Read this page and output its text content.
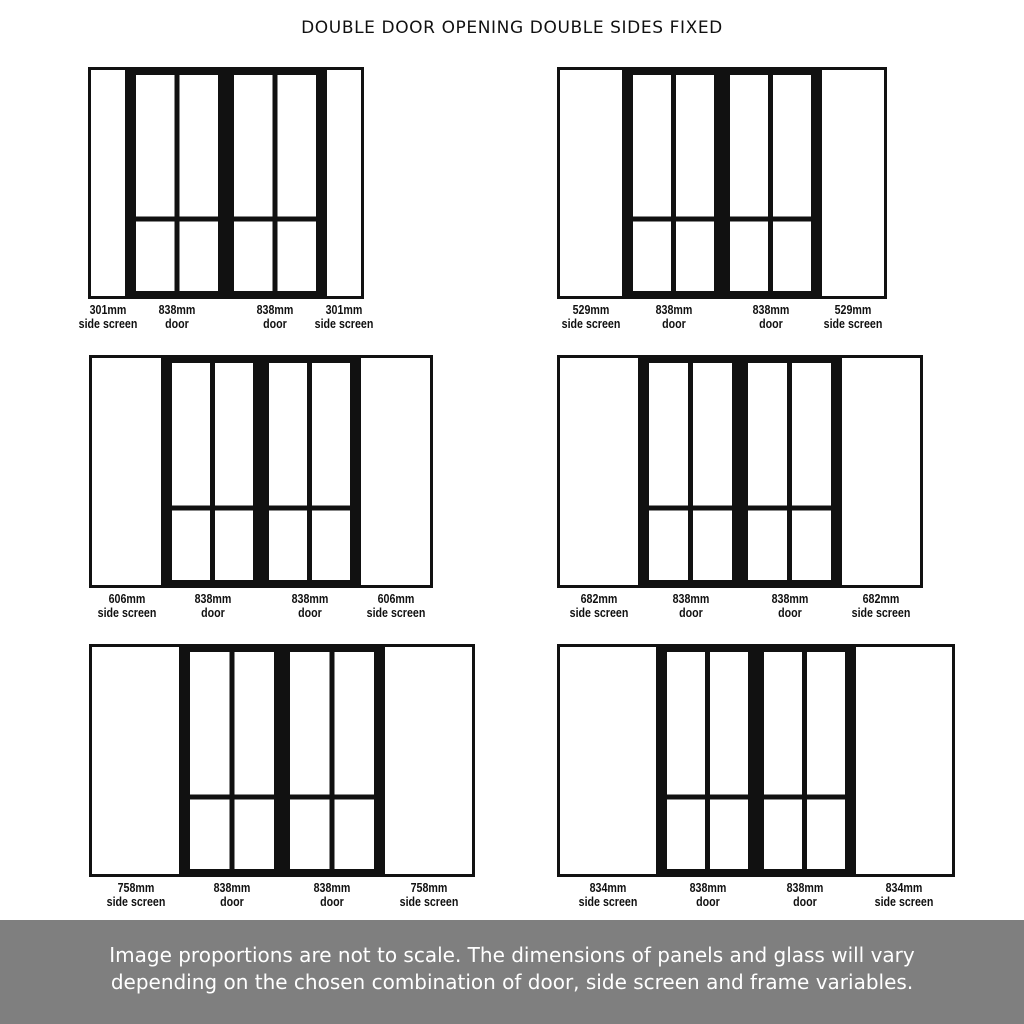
DOUBLE DOOR OPENING DOUBLE SIDES FIXED
301mm
side screen
838mm
door
838mm
door
301mm
side screen
529mm
side screen
838mm
door
838mm
door
529mm
side screen
606mm
side screen
838mm
door
838mm
door
606mm
side screen
682mm
side screen
838mm
door
838mm
door
682mm
side screen
758mm
side screen
838mm
door
838mm
door
758mm
side screen
834mm
side screen
838mm
door
838mm
door
834mm
side screen
Image proportions are not to scale. The dimensions of panels and glass will vary
depending on the chosen combination of door, side screen and frame variables.
